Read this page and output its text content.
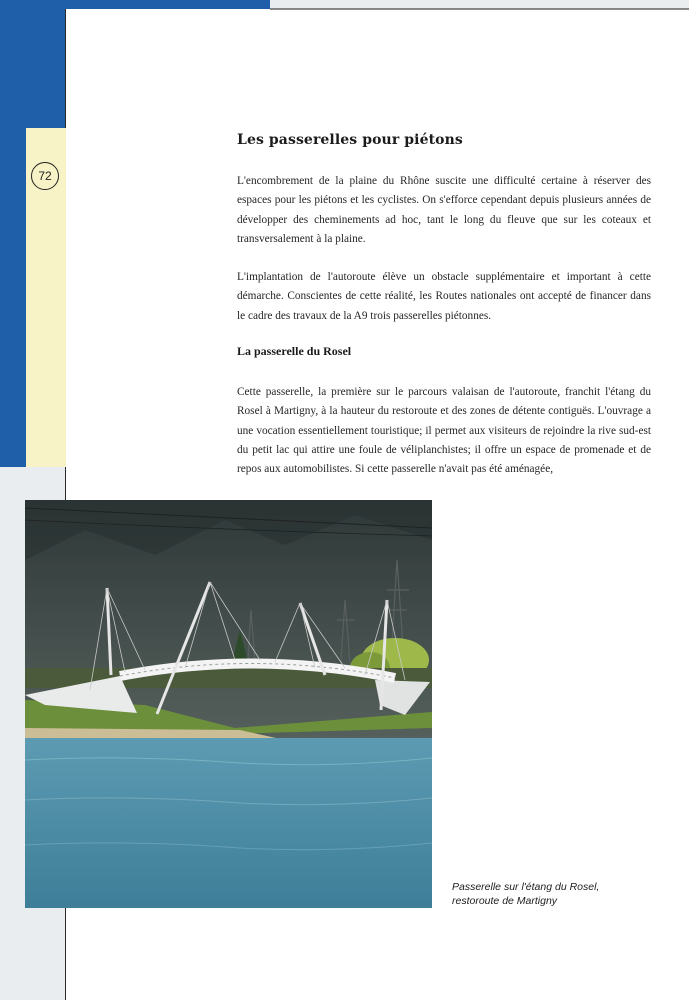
72
Les passerelles pour piétons

L'encombrement de la plaine du Rhône suscite une difficulté certaine à réserver des espaces pour les piétons et les cyclistes. On s'efforce cependant depuis plusieurs années de développer des cheminements ad hoc, tant le long du fleuve que sur les coteaux et transversalement à la plaine.

L'implantation de l'autoroute élève un obstacle supplémentaire et important à cette démarche. Conscientes de cette réalité, les Routes nationales ont accepté de financer dans le cadre des travaux de la A9 trois passerelles piétonnes.

La passerelle du Rosel

Cette passerelle, la première sur le parcours valaisan de l'autoroute, franchit l'étang du Rosel à Martigny, à la hauteur du restoroute et des zones de détente contiguës. L'ouvrage a une vocation essentiellement touristique; il permet aux visiteurs de rejoindre la rive sud-est du petit lac qui attire une foule de véliplanchistes; il offre un espace de promenade et de repos aux automobilistes. Si cette passerelle n'avait pas été aménagée,

Passerelle sur l'étang du Rosel,
restoroute de Martigny
